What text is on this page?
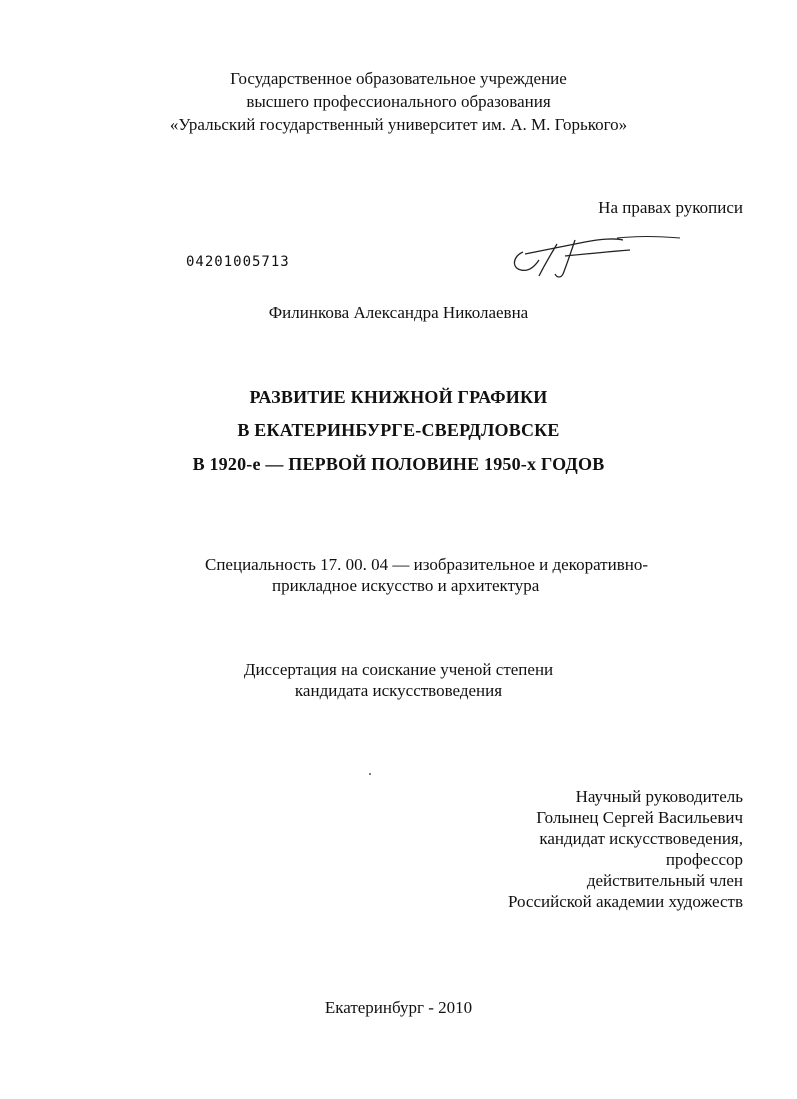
Государственное образовательное учреждение
высшего профессионального образования
«Уральский государственный университет им. А. М. Горького»
На правах рукописи
04201005713
Филинкова Александра Николаевна
РАЗВИТИЕ КНИЖНОЙ ГРАФИКИ
В ЕКАТЕРИНБУРГЕ-СВЕРДЛОВСКЕ
В 1920-е — ПЕРВОЙ ПОЛОВИНЕ 1950-х ГОДОВ
Специальность 17. 00. 04 — изобразительное и декоративно-
прикладное искусство и архитектура
Диссертация на соискание ученой степени
кандидата искусствоведения
Научный руководитель
Голынец Сергей Васильевич
кандидат искусствоведения,
профессор
действительный член
Российской академии художеств
Екатеринбург - 2010
